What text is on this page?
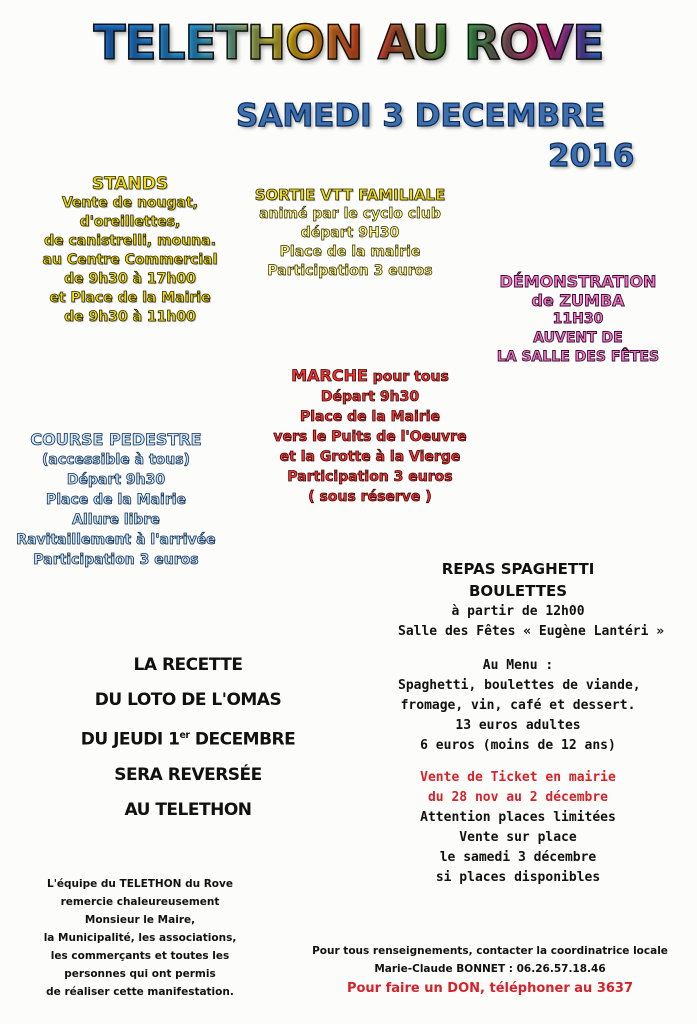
TELETHON AU ROVE
SAMEDI 3 DECEMBRE
2016
STANDS
Vente de nougat,
d'oreillettes,
de canistrelli, mouna.
au Centre Commercial
de 9h30 à 17h00
et Place de la Mairie
de 9h30 à 11h00
SORTIE VTT FAMILIALE
animé par le cyclo club
départ 9H30
Place de la mairie
Participation 3 euros
DÉMONSTRATION
de ZUMBA
11H30
AUVENT DE
LA SALLE DES FÊTES
MARCHE pour tous
Départ 9h30
Place de la Mairie
vers le Puits de l'Oeuvre
et la Grotte à la Vierge
Participation 3 euros
( sous réserve )
COURSE PEDESTRE
(accessible à tous)
Départ 9h30
Place de la Mairie
Allure libre
Ravitaillement à l'arrivée
Participation 3 euros	REPAS SPAGHETTI
BOULETTES
à partir de 12h00
Salle des Fêtes « Eugène Lantéri »
Au Menu :
Spaghetti, boulettes de viande,
fromage, vin, café et dessert.
13 euros adultes
6 euros (moins de 12 ans)
Vente de Ticket en mairie
du 28 nov au 2 décembre
Attention places limitées
Vente sur place
le samedi 3 décembre
si places disponibles
LA RECETTE
DU LOTO DE L'OMAS
DU JEUDI 1er DECEMBRE
SERA REVERSÉE
AU TELETHON
L'équipe du TELETHON du Rove
remercie chaleureusement
Monsieur le Maire,
la Municipalité, les associations,
les commerçants et toutes les
personnes qui ont permis
de réaliser cette manifestation.
Pour tous renseignements, contacter la coordinatrice locale
Marie-Claude BONNET : 06.26.57.18.46
Pour faire un DON, téléphoner au 3637
